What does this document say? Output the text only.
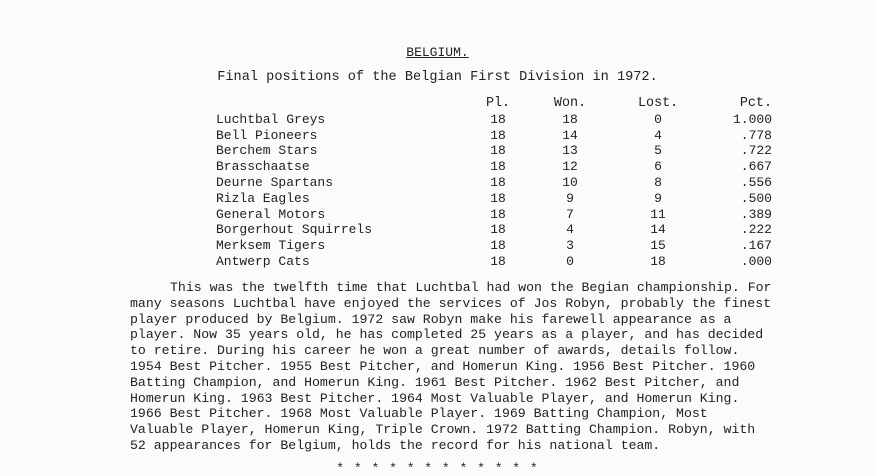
BELGIUM.
Final positions of the Belgian First Division in 1972.
Pl.	Won.	Lost.	Pct.
Luchtbal Greys	18	18	0	1.000
Bell Pioneers	18	14	4	.778
Berchem Stars	18	13	5	.722
Brasschaatse	18	12	6	.667
Deurne Spartans	18	10	8	.556
Rizla Eagles	18	9	9	.500
General Motors	18	7	11	.389
Borgerhout Squirrels	18	4	14	.222
Merksem Tigers	18	3	15	.167
Antwerp Cats	18	0	18	.000
This was the twelfth time that Luchtbal had won the Begian championship. For
many seasons Luchtbal have enjoyed the services of Jos Robyn, probably the finest
player produced by Belgium. 1972 saw Robyn make his farewell appearance as a
player. Now 35 years old, he has completed 25 years as a player, and has decided
to retire. During his career he won a great number of awards, details follow.
1954 Best Pitcher. 1955 Best Pitcher, and Homerun King. 1956 Best Pitcher. 1960
Batting Champion, and Homerun King. 1961 Best Pitcher. 1962 Best Pitcher, and
Homerun King. 1963 Best Pitcher. 1964 Most Valuable Player, and Homerun King.
1966 Best Pitcher. 1968 Most Valuable Player. 1969 Batting Champion, Most
Valuable Player, Homerun King, Triple Crown. 1972 Batting Champion. Robyn, with
52 appearances for Belgium, holds the record for his national team.
* * * * * * * * * * * *
